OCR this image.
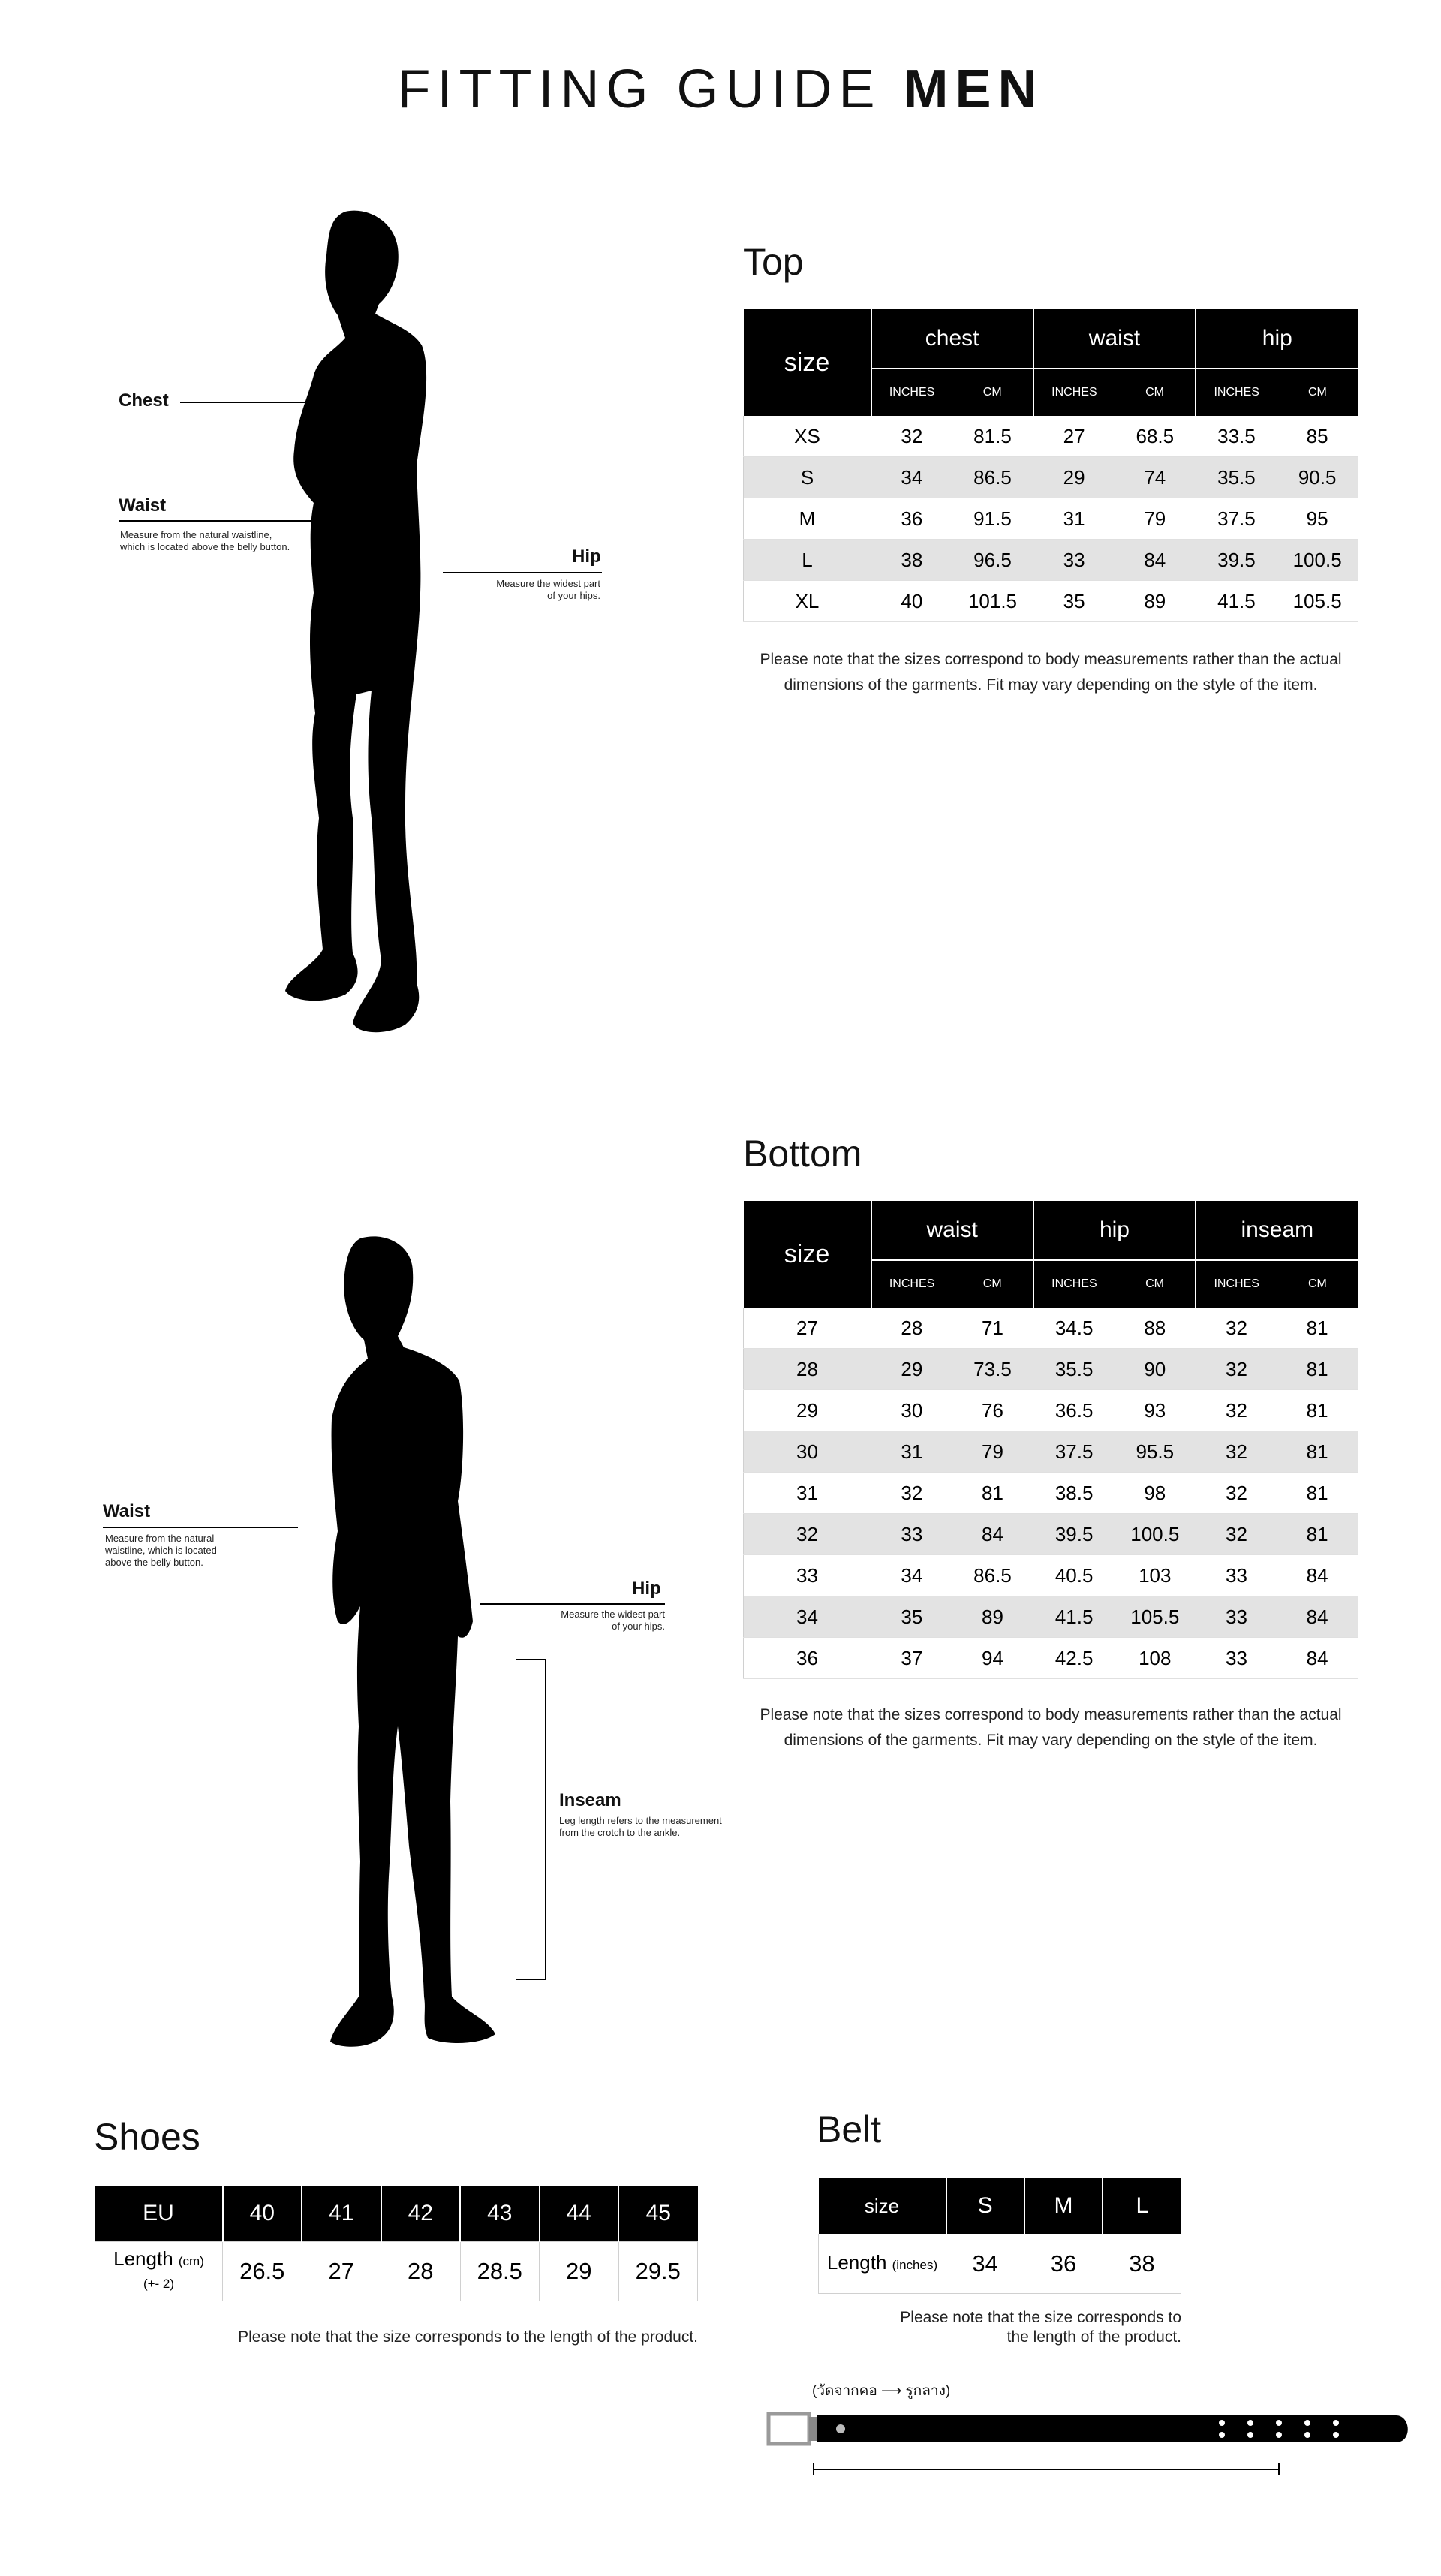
FITTING GUIDE MEN
Chest
Waist
Measure from the natural waistline,
which is located above the belly button.	Hip
Measure the widest part
of your hips.
Top
size	chest		waist		hip	
	INCHES	CM	INCHES	CM	INCHES	CM
XS	32	81.5	27	68.5	33.5	85
S	34	86.5	29	74	35.5	90.5
M	36	91.5	31	79	37.5	95
L	38	96.5	33	84	39.5	100.5
XL	40	101.5	35	89	41.5	105.5
Please note that the sizes correspond to body measurements rather than the actual
dimensions of the garments. Fit may vary depending on the style of the item.
Waist
Measure from the natural
waistline, which is located
above the belly button.
Hip
Measure the widest part
of your hips.
Inseam
Leg length refers to the measurement
from the crotch to the ankle.
Bottom
size	waist		hip		inseam	
	INCHES	CM	INCHES	CM	INCHES	CM
27	28	71	34.5	88	32	81
28	29	73.5	35.5	90	32	81
29	30	76	36.5	93	32	81
30	31	79	37.5	95.5	32	81
31	32	81	38.5	98	32	81
32	33	84	39.5	100.5	32	81
33	34	86.5	40.5	103	33	84
34	35	89	41.5	105.5	33	84
36	37	94	42.5	108	33	84
Please note that the sizes correspond to body measurements rather than the actual
dimensions of the garments. Fit may vary depending on the style of the item.
Shoes
EU	40	41	42	43	44	45
Length (cm)
(+- 2)	26.5	27	28	28.5	29	29.5
Please note that the size corresponds to the length of the product.
Belt
size	S	M	L
Length (inches)	34	36	38
Please note that the size corresponds to
the length of the product.
(วัดจากคอ ⟶ รูกลาง)
